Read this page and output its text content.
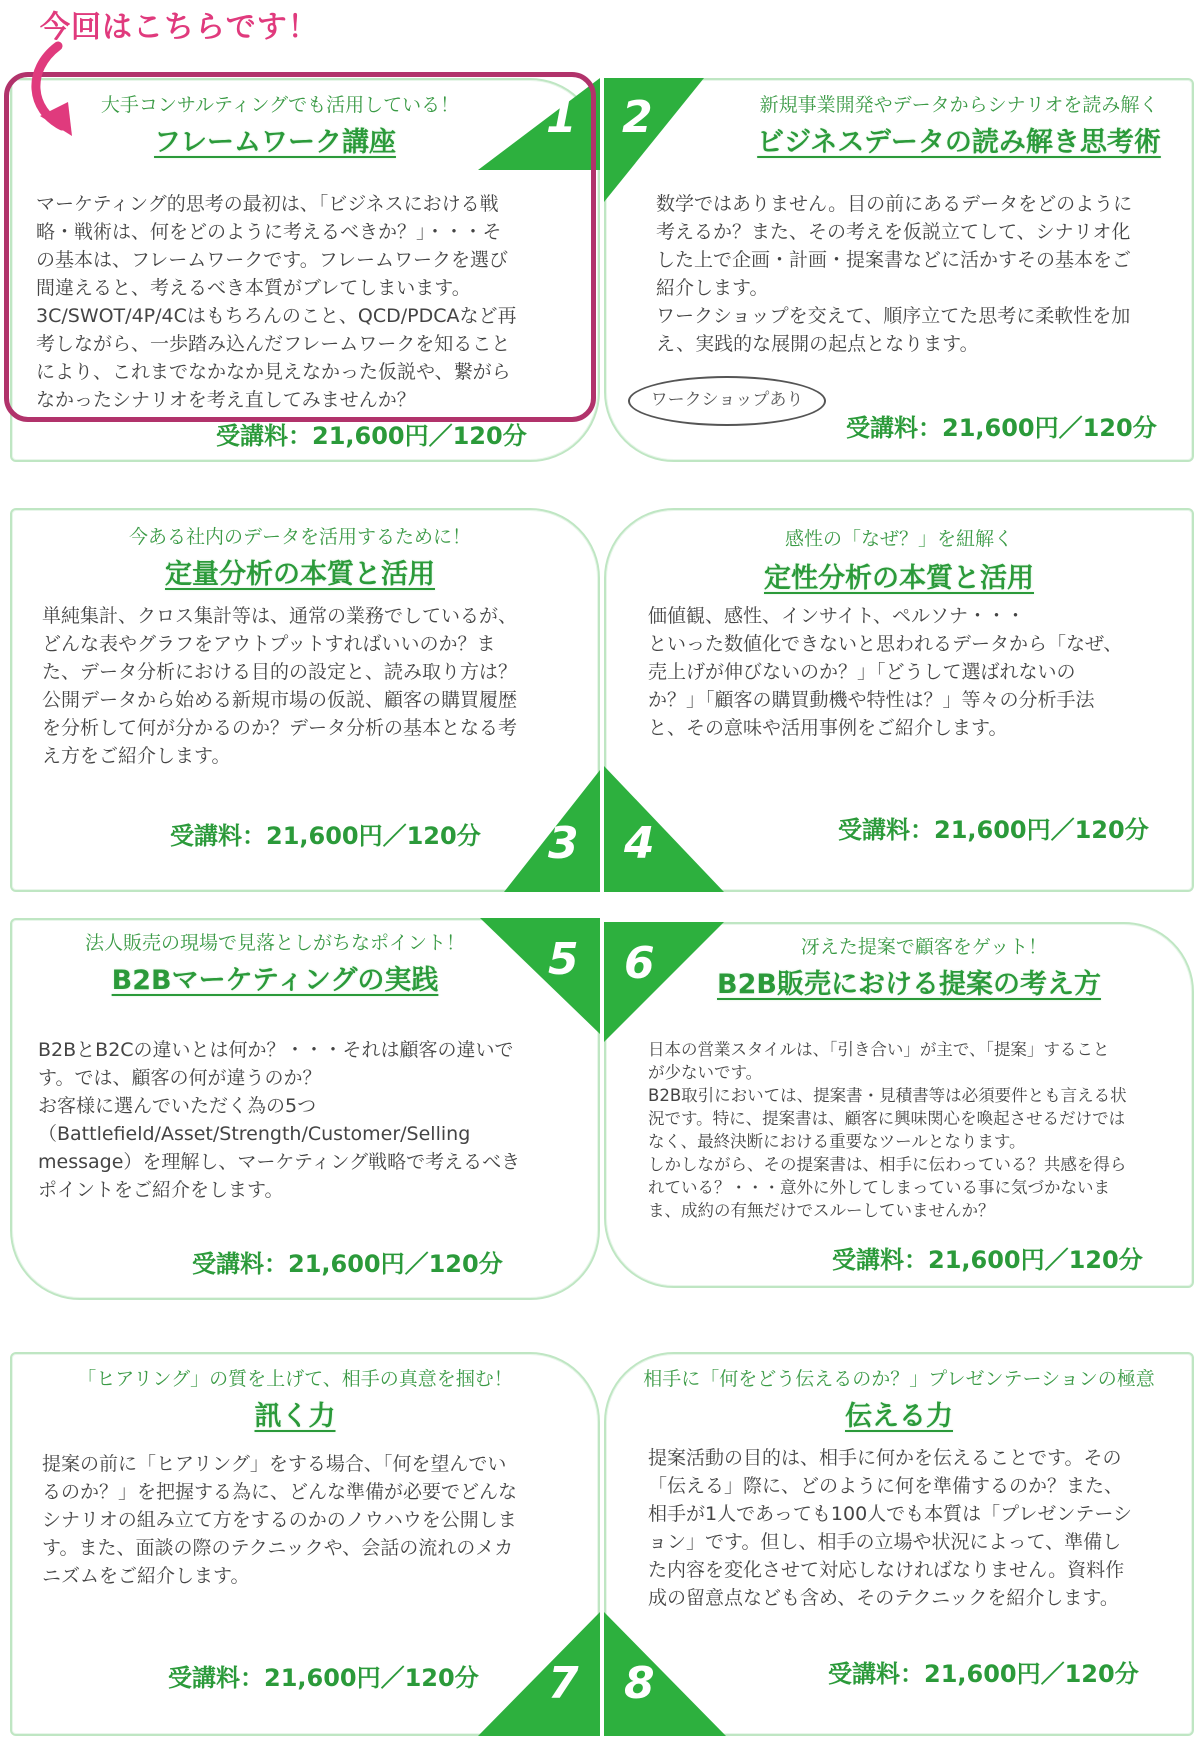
大手コンサルティングでも活用している！
フレームワーク講座
マーケティング的思考の最初は、「ビジネスにおける戦
略・戦術は、何をどのように考えるべきか？」・・・そ
の基本は、フレームワークです。フレームワークを選び
間違えると、考えるべき本質がブレてしまいます。
3C/SWOT/4P/4Cはもちろんのこと、QCD/PDCAなど再
考しながら、一歩踏み込んだフレームワークを知ること
により、これまでなかなか見えなかった仮説や、繋がら
なかったシナリオを考え直してみませんか？
受講料：21,600円／120分
1	新規事業開発やデータからシナリオを読み解く
ビジネスデータの読み解き思考術
数学ではありません。目の前にあるデータをどのように
考えるか？また、その考えを仮説立てして、シナリオ化
した上で企画・計画・提案書などに活かすその基本をご
紹介します。
ワークショップを交えて、順序立てた思考に柔軟性を加
え、実践的な展開の起点となります。
受講料：21,600円／120分
2
ワークショップあり
今回はこちらです！
今ある社内のデータを活用するために！
定量分析の本質と活用
単純集計、クロス集計等は、通常の業務でしているが、
どんな表やグラフをアウトプットすればいいのか？ま
た、データ分析における目的の設定と、読み取り方は？
公開データから始める新規市場の仮説、顧客の購買履歴
を分析して何が分かるのか？データ分析の基本となる考
え方をご紹介します。
受講料：21,600円／120分 3
感性の「なぜ？」を紐解く
定性分析の本質と活用
価値観、感性、インサイト、ペルソナ・・・
といった数値化できないと思われるデータから「なぜ、
売上げが伸びないのか？」「どうして選ばれないの
か？」「顧客の購買動機や特性は？」等々の分析手法
と、その意味や活用事例をご紹介します。
受講料：21,600円／120分
4
法人販売の現場で見落としがちなポイント！
B2Bマーケティングの実践
B2BとB2Cの違いとは何か？・・・それは顧客の違いで
す。では、顧客の何が違うのか？
お客様に選んでいただく為の5つ
（Battlefield/Asset/Strength/Customer/Selling
message）を理解し、マーケティング戦略で考えるべき
ポイントをご紹介をします。
受講料：21,600円／120分
5	冴えた提案で顧客をゲット！
B2B販売における提案の考え方
日本の営業スタイルは、「引き合い」が主で、「提案」すること
が少ないです。
B2B取引においては、提案書・見積書等は必須要件とも言える状
況です。特に、提案書は、顧客に興味関心を喚起させるだけでは
なく、最終決断における重要なツールとなります。
しかしながら、その提案書は、相手に伝わっている？共感を得ら
れている？・・・意外に外してしまっている事に気づかないま
ま、成約の有無だけでスルーしていませんか？
受講料：21,600円／120分
6
「ヒアリング」の質を上げて、相手の真意を掴む！
訊く力
提案の前に「ヒアリング」をする場合、「何を望んでい
るのか？」を把握する為に、どんな準備が必要でどんな
シナリオの組み立て方をするのかのノウハウを公開しま
す。また、面談の際のテクニックや、会話の流れのメカ
ニズムをご紹介します。
受講料：21,600円／120分 7
相手に「何をどう伝えるのか？」プレゼンテーションの極意
伝える力
提案活動の目的は、相手に何かを伝えることです。その
「伝える」際に、どのように何を準備するのか？また、
相手が1人であっても100人でも本質は「プレゼンテーシ
ョン」です。但し、相手の立場や状況によって、準備し
た内容を変化させて対応しなければなりません。資料作
成の留意点なども含め、そのテクニックを紹介します。
受講料：21,600円／120分
8
